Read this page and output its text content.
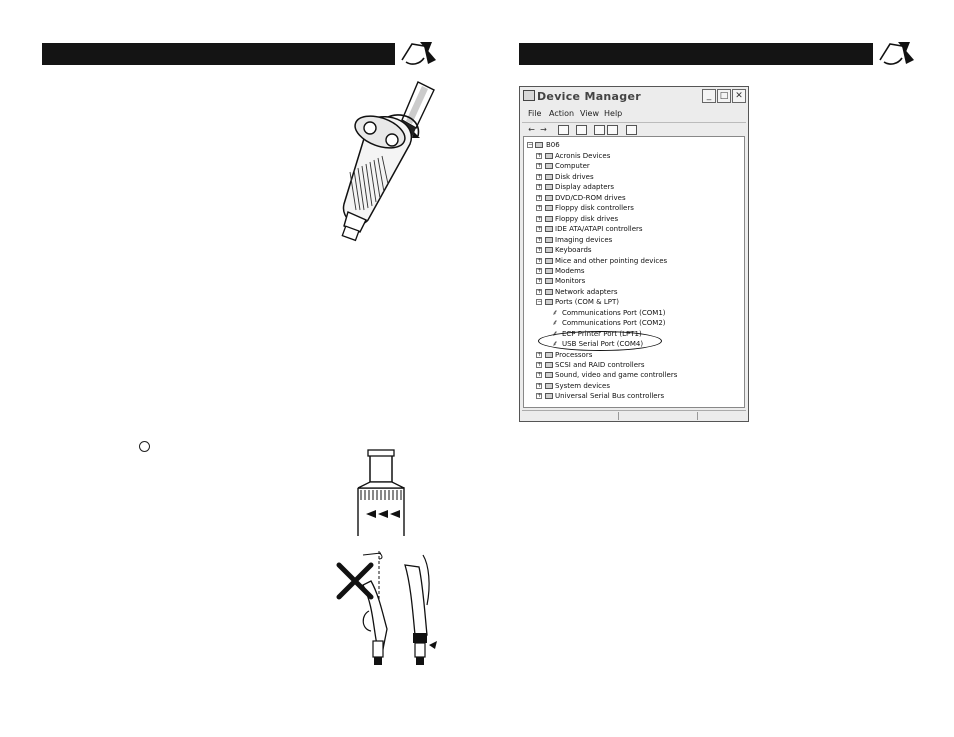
Device Manager	_ □ ✕
File Action View Help
← →
− B06
+ Acronis Devices
+ Computer
+ Disk drives
+ Display adapters
+ DVD/CD-ROM drives
+ Floppy disk controllers
+ Floppy disk drives
+ IDE ATA/ATAPI controllers
+ Imaging devices
+ Keyboards
+ Mice and other pointing devices
+ Modems
+ Monitors
+ Network adapters
− Ports (COM & LPT)
⸙ Communications Port (COM1)
⸙ Communications Port (COM2)
⸙ ECP Printer Port (LPT1)
⸙ USB Serial Port (COM4)
+ Processors
+ SCSI and RAID controllers
+ Sound, video and game controllers
+ System devices
+ Universal Serial Bus controllers
